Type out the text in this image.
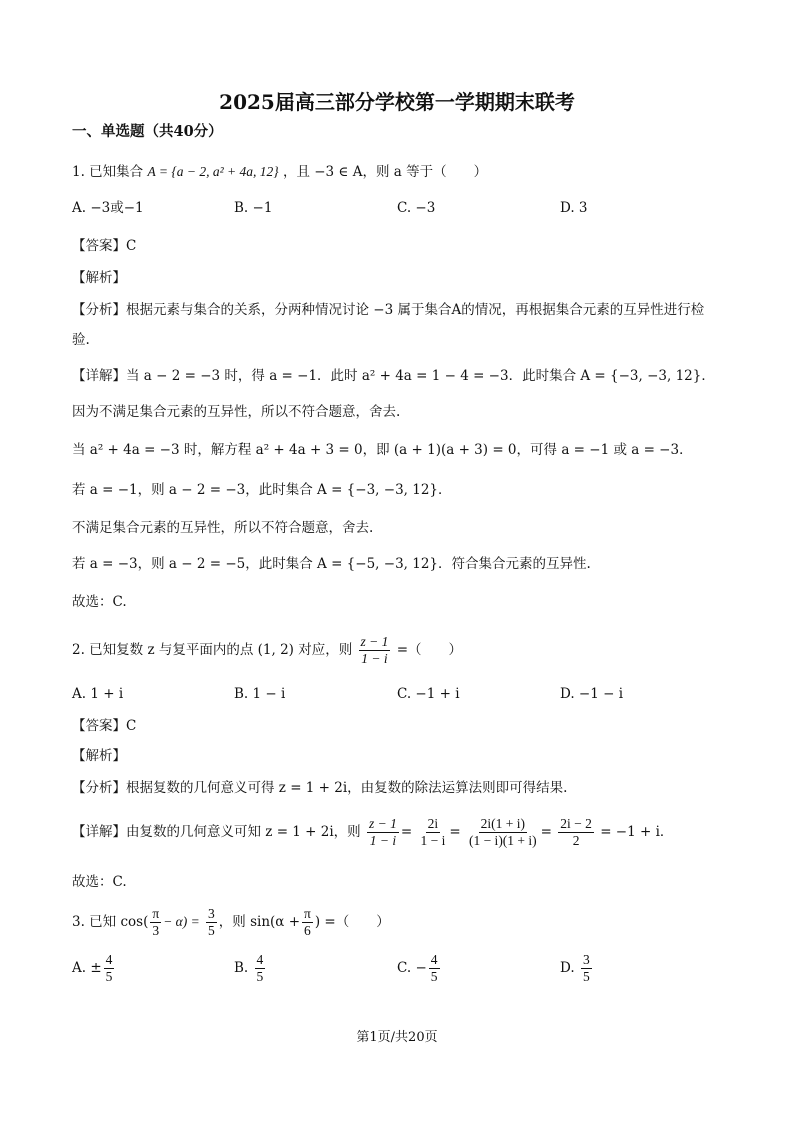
2025届高三部分学校第一学期期末联考
一、单选题（共40分）
1. 已知集合 A = {a − 2, a² + 4a, 12} ，且 −3 ∈ A，则 a 等于（　　）
A. −3或−1	B. −1	C. −3	D. 3
【答案】C
【解析】
【分析】根据元素与集合的关系，分两种情况讨论 −3 属于集合A的情况，再根据集合元素的互异性进行检
验.
【详解】当 a − 2 = −3 时，得 a = −1．此时 a² + 4a = 1 − 4 = −3．此时集合 A = {−3, −3, 12}．
因为不满足集合元素的互异性，所以不符合题意，舍去.
当 a² + 4a = −3 时，解方程 a² + 4a + 3 = 0，即 (a + 1)(a + 3) = 0，可得 a = −1 或 a = −3．
若 a = −1，则 a − 2 = −3，此时集合 A = {−3, −3, 12}．
不满足集合元素的互异性，所以不符合题意，舍去.
若 a = −3，则 a − 2 = −5，此时集合 A = {−5, −3, 12}．符合集合元素的互异性.
故选：C.
2. 已知复数 z 与复平面内的点 (1, 2) 对应，则 $\frac{z - 1}{1 - i}$ =（　　）
A. 1 + i	B. 1 − i	C. −1 + i	D. −1 − i
【答案】C
【解析】
【分析】根据复数的几何意义可得 z = 1 + 2i，由复数的除法运算法则即可得结果.
【详解】由复数的几何意义可知 z = 1 + 2i，则 $\frac{z - 1}{1 - i} = \frac{2i}{1 - i} = \frac{2i(1 + i)}{(1 - i)(1 + i)} = \frac{2i - 2}{2} = -1 + i$．
故选：C.
3. 已知 $\cos( \frac{\pi}{3} - \alpha) = \frac{3}{5}$ ，则 $\sin(\alpha + \frac{\pi}{6}$ ) =（　　）
A. ± $\frac{4}{5}$	B. $\frac{4}{5}$	C. − $\frac{4}{5}$	D. $\frac{3}{5}$
第1页/共20页
